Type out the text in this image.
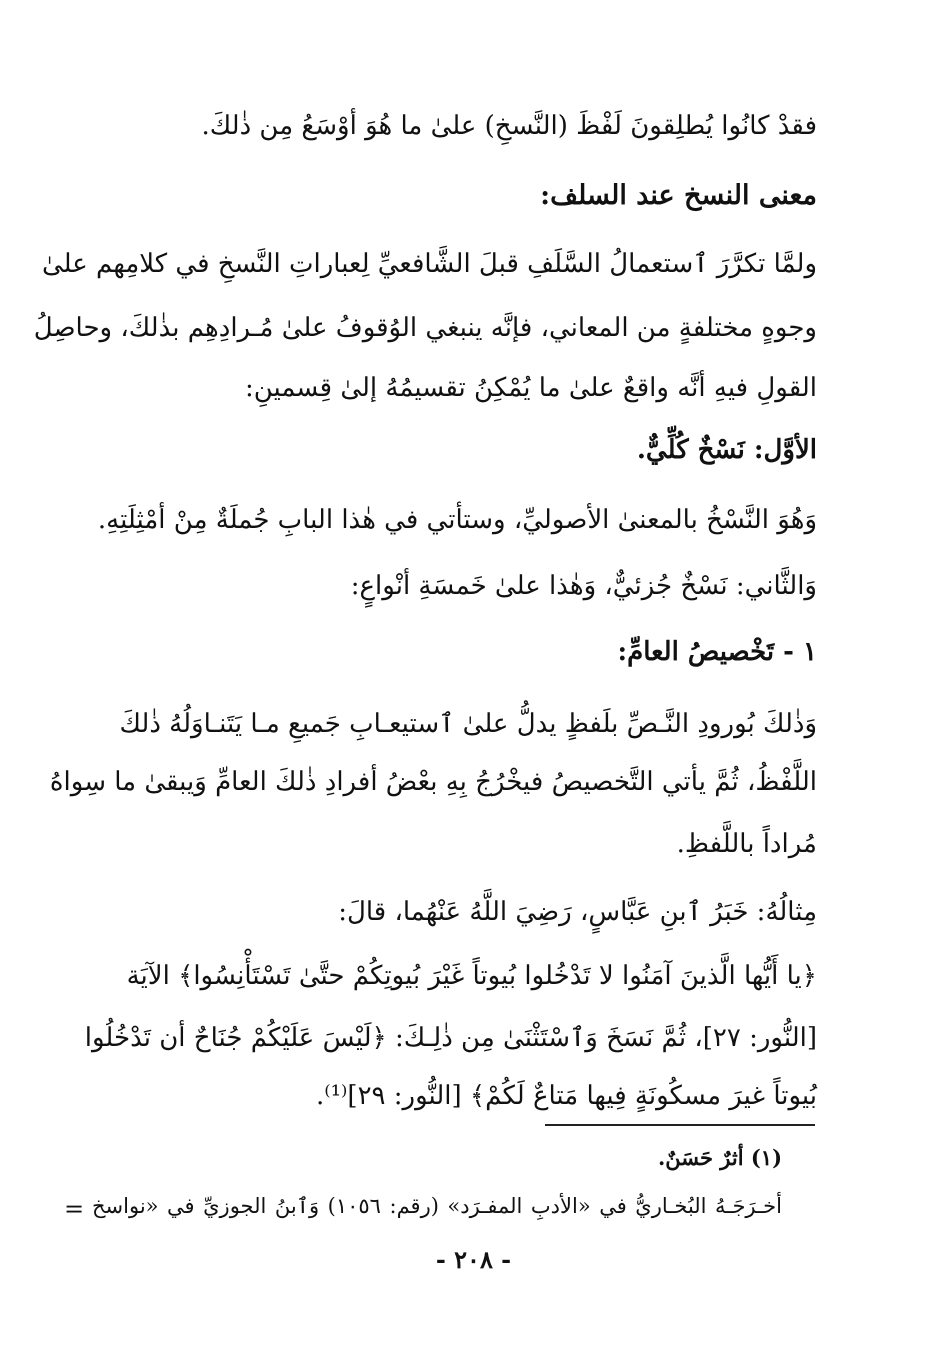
فقدْ كانُوا يُطلِقونَ لَفْظَ (النَّسخِ) علىٰ ما هُوَ أوْسَعُ مِن ذٰلكَ.
معنى النسخ عند السلف:
ولمَّا تكرَّرَ ٱستعمالُ السَّلَفِ قبلَ الشَّافعيِّ لِعباراتِ النَّسخِ في كلامِهم علىٰ
وجوهٍ مختلفةٍ من المعاني، فإنَّه ينبغي الوُقوفُ علىٰ مُـرادِهِم بذٰلكَ، وحاصِلُ
القولِ فيهِ أنَّه واقعٌ علىٰ ما يُمْكِنُ تقسيمُهُ إلىٰ قِسمينِ:
الأوَّل: نَسْخٌ كُلِّيٌّ.
وَهُوَ النَّسْخُ بالمعنىٰ الأصوليِّ، وستأتي في هٰذا البابِ جُملَةٌ مِنْ أمْثِلَتِهِ.
وَالثَّاني: نَسْخٌ جُزئيٌّ، وَهٰذا علىٰ خَمسَةِ أنْواعٍ:
١ - تَخْصيصُ العامِّ:
وَذٰلكَ بُورودِ النَّـصِّ بلَفظٍ يدلُّ علىٰ ٱستيعـابِ جَميعِ مـا يَتَنـاوَلُهُ ذٰلكَ
اللَّفْظُ، ثُمَّ يأتي التَّخصيصُ فيخْرُجُ بِهِ بعْضُ أفرادِ ذٰلكَ العامِّ وَيبقىٰ ما سِواهُ
مُراداً باللَّفظِ.
مِثالُهُ: خَبَرُ ٱبنِ عَبَّاسٍ، رَضِيَ اللَّهُ عَنْهُما، قالَ:
﴿يا أَيُّها الَّذينَ آمَنُوا لا تَدْخُلوا بُيوتاً غَيْرَ بُيوتِكُمْ حتَّىٰ تَسْتَأْنِسُوا﴾ الآيَة
[النُّور: ٢٧]، ثُمَّ نَسَخَ وَٱسْتَثْنَىٰ مِن ذٰلِـكَ: ﴿لَيْسَ عَلَيْكُمْ جُنَاحٌ أن تَدْخُلُوا
بُيوتاً غيرَ مسكُونَةٍ فِيها مَتاعٌ لَكُمْ﴾ [النُّور: ٢٩]⁽¹⁾.
(١) أثرٌ حَسَنٌ.
أخـرَجَـهُ البُخـاريُّ في «الأدبِ المفـرَد» (رقم: ١٠٥٦) وَٱبنُ الجوزيِّ في «نواسخ
=
- ٢٠٨ -
